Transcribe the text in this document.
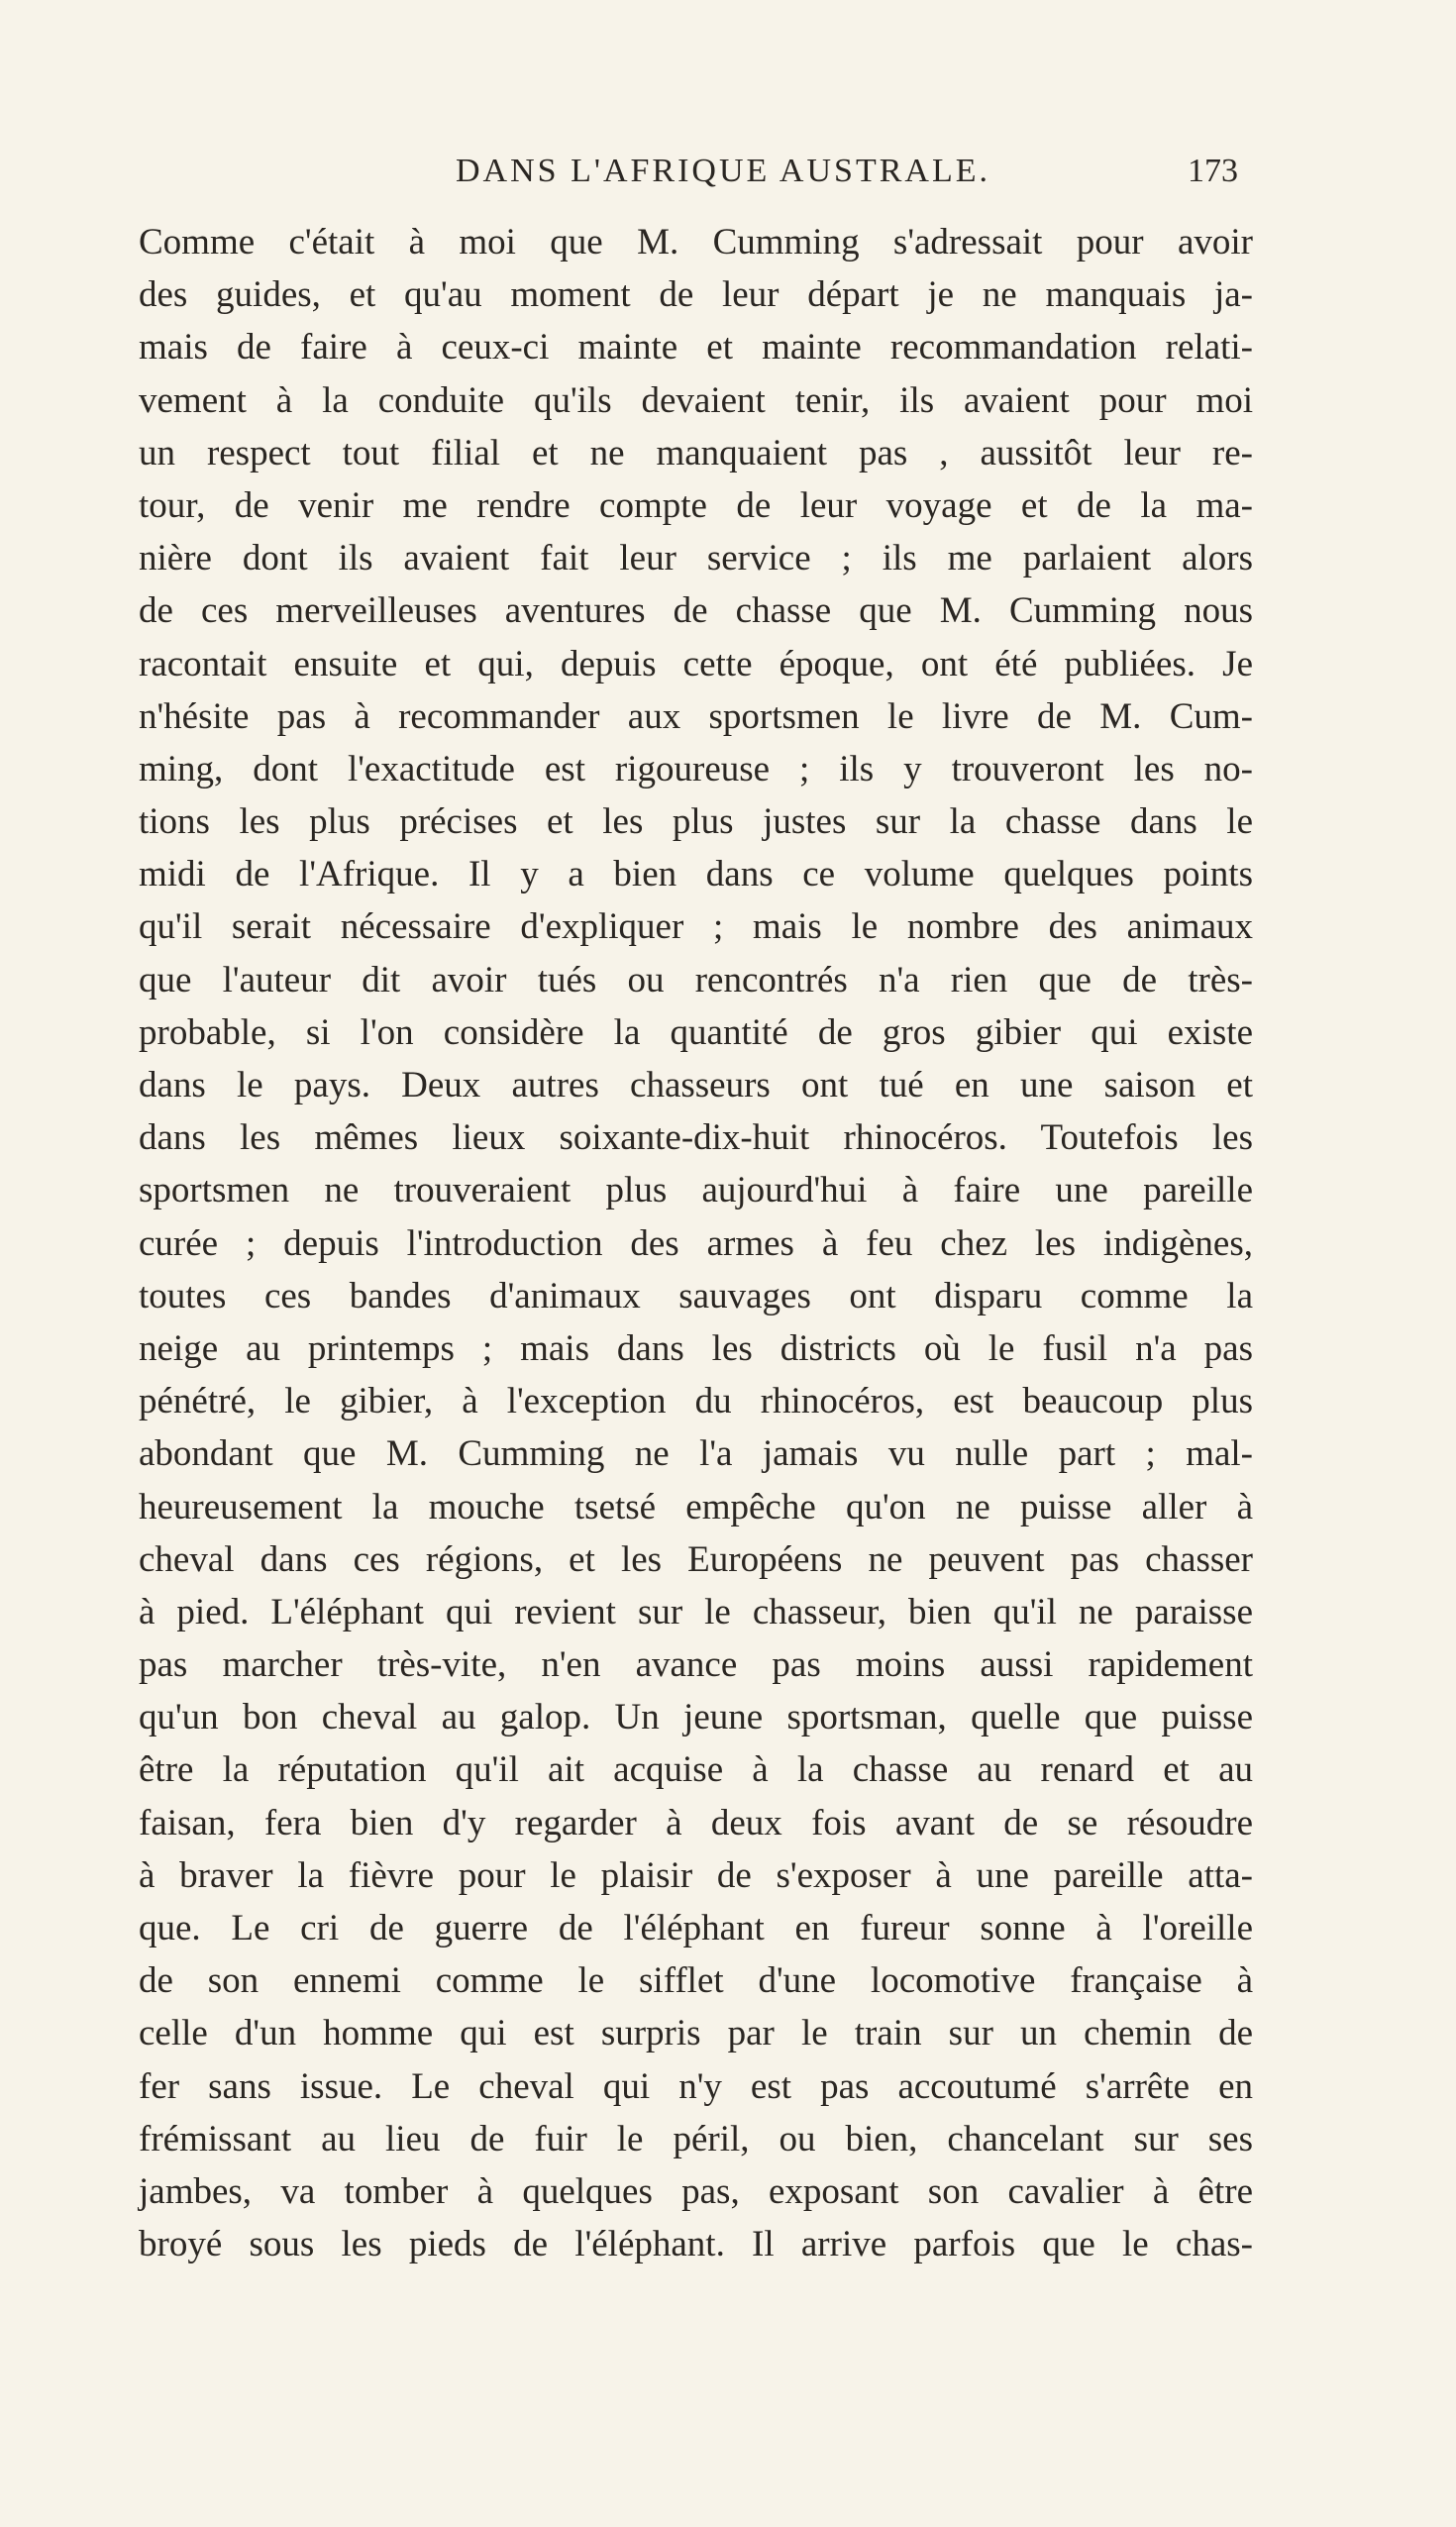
DANS L'AFRIQUE AUSTRALE.	173
Comme c'était à moi que M. Cumming s'adressait pour avoir
des guides, et qu'au moment de leur départ je ne manquais ja-
mais de faire à ceux-ci mainte et mainte recommandation relati-
vement à la conduite qu'ils devaient tenir, ils avaient pour moi
un respect tout filial et ne manquaient pas , aussitôt leur re-
tour, de venir me rendre compte de leur voyage et de la ma-
nière dont ils avaient fait leur service ; ils me parlaient alors
de ces merveilleuses aventures de chasse que M. Cumming nous
racontait ensuite et qui, depuis cette époque, ont été publiées. Je
n'hésite pas à recommander aux sportsmen le livre de M. Cum-
ming, dont l'exactitude est rigoureuse ; ils y trouveront les no-
tions les plus précises et les plus justes sur la chasse dans le
midi de l'Afrique. Il y a bien dans ce volume quelques points
qu'il serait nécessaire d'expliquer ; mais le nombre des animaux
que l'auteur dit avoir tués ou rencontrés n'a rien que de très-
probable, si l'on considère la quantité de gros gibier qui existe
dans le pays. Deux autres chasseurs ont tué en une saison et
dans les mêmes lieux soixante-dix-huit rhinocéros. Toutefois les
sportsmen ne trouveraient plus aujourd'hui à faire une pareille
curée ; depuis l'introduction des armes à feu chez les indigènes,
toutes ces bandes d'animaux sauvages ont disparu comme la
neige au printemps ; mais dans les districts où le fusil n'a pas
pénétré, le gibier, à l'exception du rhinocéros, est beaucoup plus
abondant que M. Cumming ne l'a jamais vu nulle part ; mal-
heureusement la mouche tsetsé empêche qu'on ne puisse aller à
cheval dans ces régions, et les Européens ne peuvent pas chasser
à pied. L'éléphant qui revient sur le chasseur, bien qu'il ne paraisse
pas marcher très-vite, n'en avance pas moins aussi rapidement
qu'un bon cheval au galop. Un jeune sportsman, quelle que puisse
être la réputation qu'il ait acquise à la chasse au renard et au
faisan, fera bien d'y regarder à deux fois avant de se résoudre
à braver la fièvre pour le plaisir de s'exposer à une pareille atta-
que. Le cri de guerre de l'éléphant en fureur sonne à l'oreille
de son ennemi comme le sifflet d'une locomotive française à
celle d'un homme qui est surpris par le train sur un chemin de
fer sans issue. Le cheval qui n'y est pas accoutumé s'arrête en
frémissant au lieu de fuir le péril, ou bien, chancelant sur ses
jambes, va tomber à quelques pas, exposant son cavalier à être
broyé sous les pieds de l'éléphant. Il arrive parfois que le chas-
